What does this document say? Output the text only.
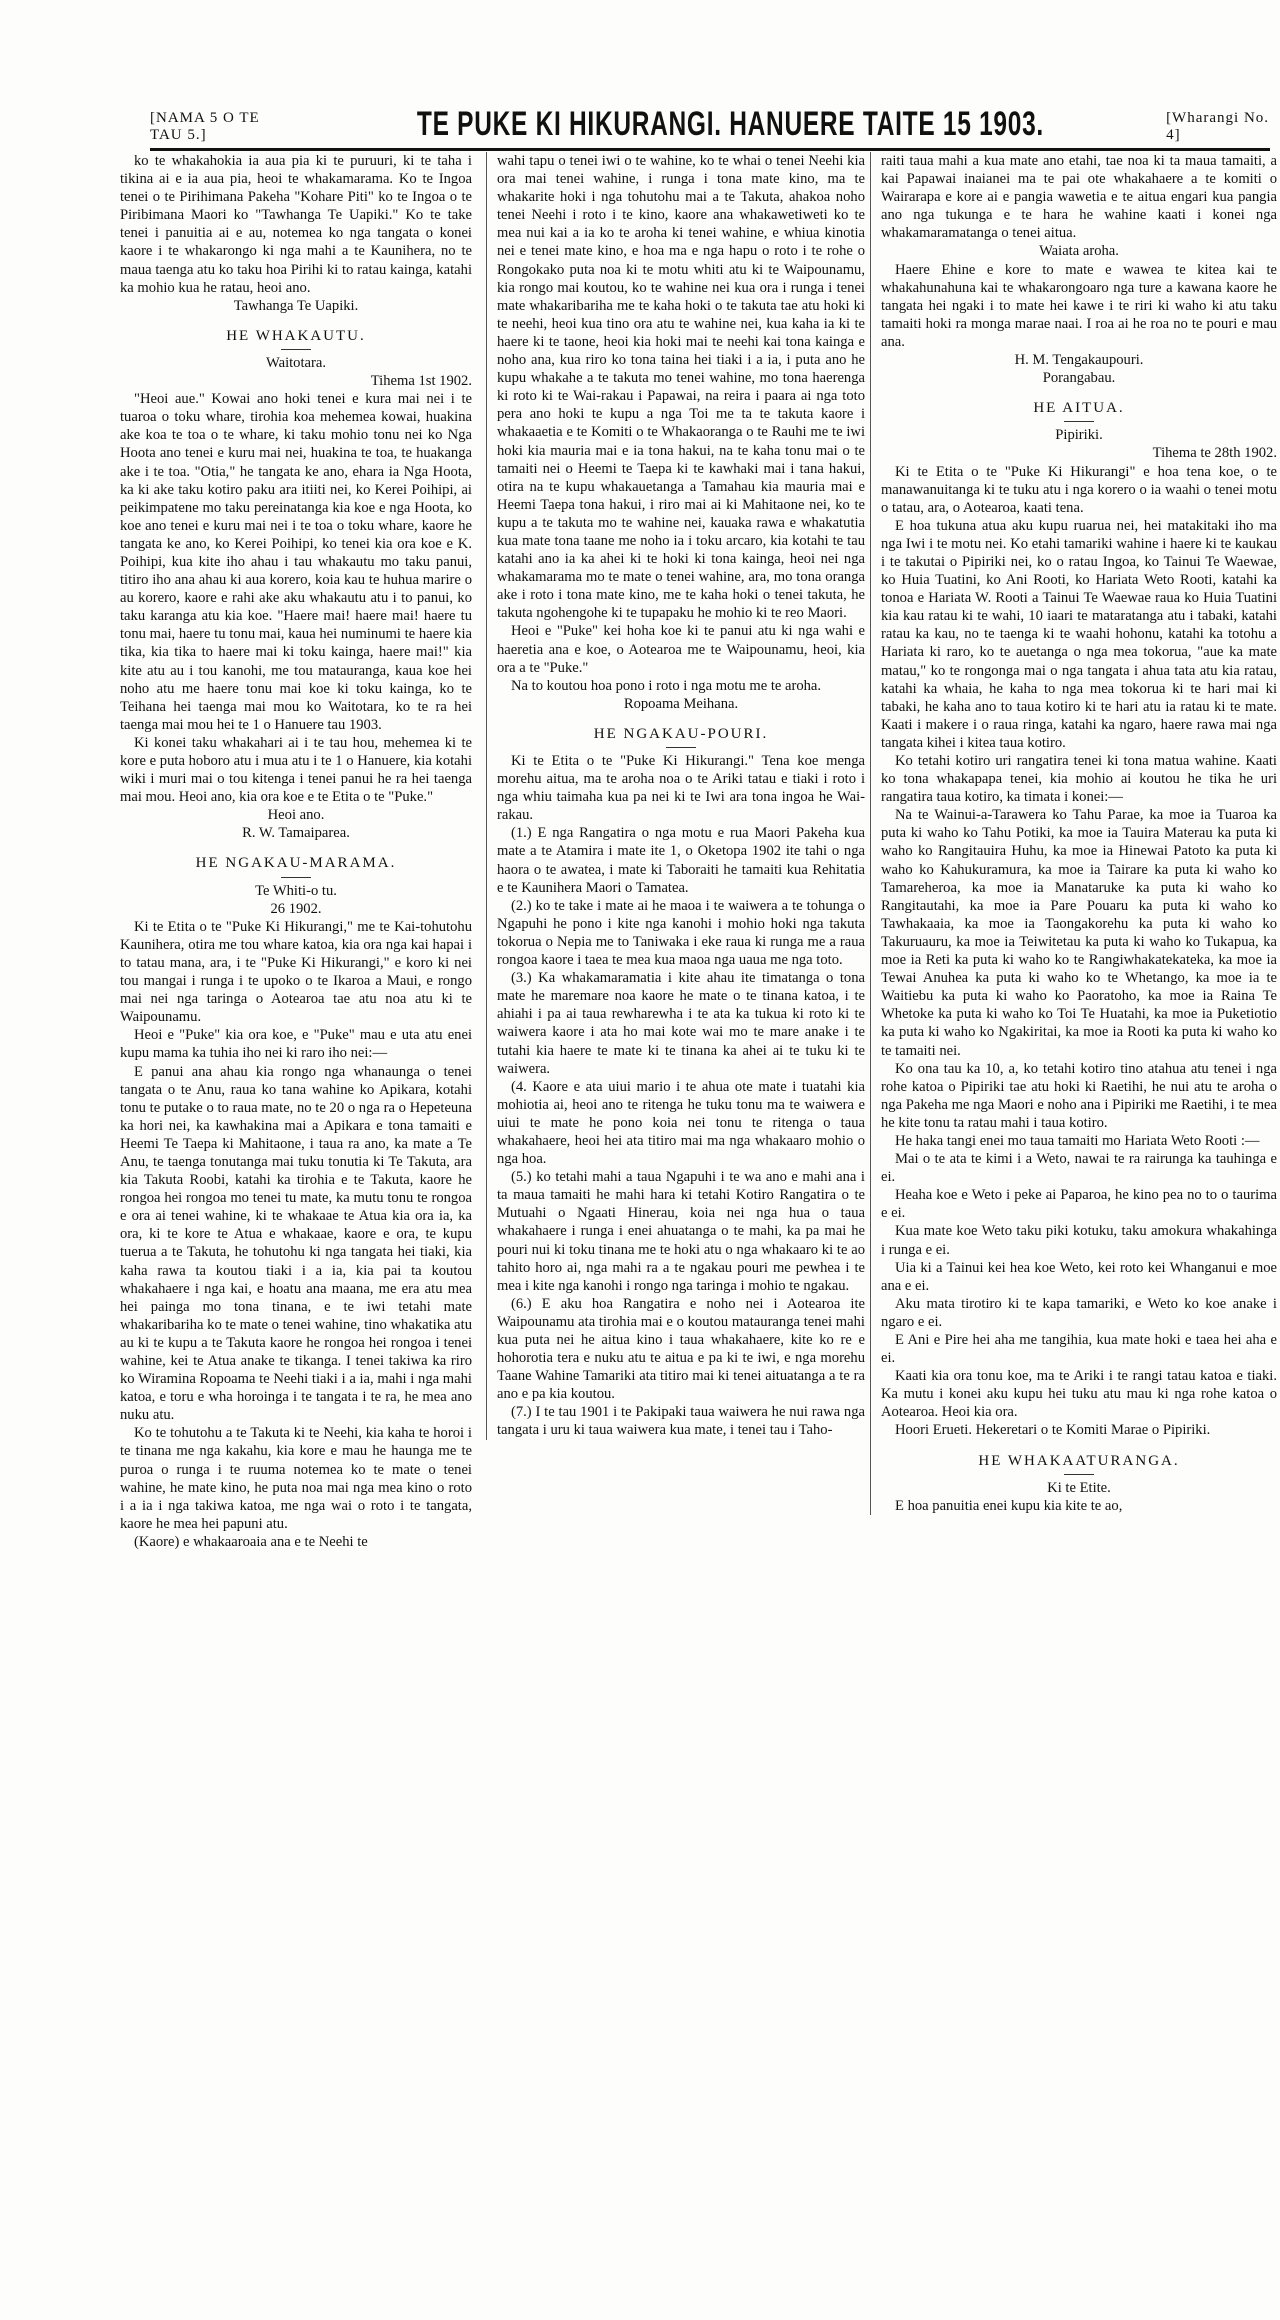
[NAMA 5 O TE TAU 5.]	TE PUKE KI HIKURANGI. HANUERE TAITE 15 1903.	[Wharangi No. 4]

ko te whakahokia ia aua pia ki te puruuri, ki te taha i tikina ai e ia aua pia, heoi te whakamarama. Ko te Ingoa tenei o te Pirihimana Pakeha "Kohare Piti" ko te Ingoa o te Piribimana Maori ko "Tawhanga Te Uapiki." Ko te take tenei i panuitia ai e au, notemea ko nga tangata o konei kaore i te whakarongo ki nga mahi a te Kaunihera, no te maua taenga atu ko taku hoa Pirihi ki to ratau kainga, katahi ka mohio kua he ratau, heoi ano.

Tawhanga Te Uapiki.

HE WHAKAUTU.

Waitotara.

Tihema 1st 1902.

"Heoi aue." Kowai ano hoki tenei e kura mai nei i te tuaroa o toku whare, tirohia koa mehemea kowai, huakina ake koa te toa o te whare, ki taku mohio tonu nei ko Nga Hoota ano tenei e kuru mai nei, huakina te toa, te huakanga ake i te toa. "Otia," he tangata ke ano, ehara ia Nga Hoota, ka ki ake taku kotiro paku ara itiiti nei, ko Kerei Poihipi, ai peikimpatene mo taku pereinatanga kia koe e nga Hoota, ko koe ano tenei e kuru mai nei i te toa o toku whare, kaore he tangata ke ano, ko Kerei Poihipi, ko tenei kia ora koe e K. Poihipi, kua kite iho ahau i tau whakautu mo taku panui, titiro iho ana ahau ki aua korero, koia kau te huhua marire o au korero, kaore e rahi ake aku whakautu atu i to panui, ko taku karanga atu kia koe. "Haere mai! haere mai! haere tu tonu mai, haere tu tonu mai, kaua hei numinumi te haere kia tika, kia tika to haere mai ki toku kainga, haere mai!" kia kite atu au i tou kanohi, me tou matauranga, kaua koe hei noho atu me haere tonu mai koe ki toku kainga, ko te Teihana hei taenga mai mou ko Waitotara, ko te ra hei taenga mai mou hei te 1 o Hanuere tau 1903.

Ki konei taku whakahari ai i te tau hou, mehemea ki te kore e puta hoboro atu i mua atu i te 1 o Hanuere, kia kotahi wiki i muri mai o tou kitenga i tenei panui he ra hei taenga mai mou. Heoi ano, kia ora koe e te Etita o te "Puke."

Heoi ano.

R. W. Tamaiparea.

HE NGAKAU-MARAMA.

Te Whiti-o tu.

26 1902.

Ki te Etita o te "Puke Ki Hikurangi," me te Kai-tohutohu Kaunihera, otira me tou whare katoa, kia ora nga kai hapai i to tatau mana, ara, i te "Puke Ki Hikurangi," e koro ki nei tou mangai i runga i te upoko o te Ikaroa a Maui, e rongo mai nei nga taringa o Aotearoa tae atu noa atu ki te Waipounamu.

Heoi e "Puke" kia ora koe, e "Puke" mau e uta atu enei kupu mama ka tuhia iho nei ki raro iho nei:—

E panui ana ahau kia rongo nga whanaunga o tenei tangata o te Anu, raua ko tana wahine ko Apikara, kotahi tonu te putake o to raua mate, no te 20 o nga ra o Hepeteuna ka hori nei, ka kawhakina mai a Apikara e tona tamaiti e Heemi Te Taepa ki Mahitaone, i taua ra ano, ka mate a Te Anu, te taenga tonutanga mai tuku tonutia ki Te Takuta, ara kia Takuta Roobi, katahi ka tirohia e te Takuta, kaore he rongoa hei rongoa mo tenei tu mate, ka mutu tonu te rongoa e ora ai tenei wahine, ki te whakaae te Atua kia ora ia, ka ora, ki te kore te Atua e whakaae, kaore e ora, te kupu tuerua a te Takuta, he tohutohu ki nga tangata hei tiaki, kia kaha rawa ta koutou tiaki i a ia, kia pai ta koutou whakahaere i nga kai, e hoatu ana maana, me era atu mea hei painga mo tona tinana, e te iwi tetahi mate whakaribariha ko te mate o tenei wahine, tino whakatika atu au ki te kupu a te Takuta kaore he rongoa hei rongoa i tenei wahine, kei te Atua anake te tikanga. I tenei takiwa ka riro ko Wiramina Ropoama te Neehi tiaki i a ia, mahi i nga mahi katoa, e toru e wha horoinga i te tangata i te ra, he mea ano nuku atu.

Ko te tohutohu a te Takuta ki te Neehi, kia kaha te horoi i te tinana me nga kakahu, kia kore e mau he haunga me te puroa o runga i te ruuma notemea ko te mate o tenei wahine, he mate kino, he puta noa mai nga mea kino o roto i a ia i nga takiwa katoa, me nga wai o roto i te tangata, kaore he mea hei papuni atu.

(Kaore) e whakaaroaia ana e te Neehi te

wahi tapu o tenei iwi o te wahine, ko te whai o tenei Neehi kia ora mai tenei wahine, i runga i tona mate kino, ma te whakarite hoki i nga tohutohu mai a te Takuta, ahakoa noho tenei Neehi i roto i te kino, kaore ana whakawetiweti ko te mea nui kai a ia ko te aroha ki tenei wahine, e whiua kinotia nei e tenei mate kino, e hoa ma e nga hapu o roto i te rohe o Rongokako puta noa ki te motu whiti atu ki te Waipounamu, kia rongo mai koutou, ko te wahine nei kua ora i runga i tenei mate whakaribariha me te kaha hoki o te takuta tae atu hoki ki te neehi, heoi kua tino ora atu te wahine nei, kua kaha ia ki te haere ki te taone, heoi kia hoki mai te neehi kai tona kainga e noho ana, kua riro ko tona taina hei tiaki i a ia, i puta ano he kupu whakahe a te takuta mo tenei wahine, mo tona haerenga ki roto ki te Wai-rakau i Papawai, na reira i paara ai nga toto pera ano hoki te kupu a nga Toi me ta te takuta kaore i whakaaetia e te Komiti o te Whakaoranga o te Rauhi me te iwi hoki kia mauria mai e ia tona hakui, na te kaha tonu mai o te tamaiti nei o Heemi te Taepa ki te kawhaki mai i tana hakui, otira na te kupu whakauetanga a Tamahau kia mauria mai e Heemi Taepa tona hakui, i riro mai ai ki Mahitaone nei, ko te kupu a te takuta mo te wahine nei, kauaka rawa e whakatutia kua mate tona taane me noho ia i toku arcaro, kia kotahi te tau katahi ano ia ka ahei ki te hoki ki tona kainga, heoi nei nga whakamarama mo te mate o tenei wahine, ara, mo tona oranga ake i roto i tona mate kino, me te kaha hoki o tenei takuta, he takuta ngohengohe ki te tupapaku he mohio ki te reo Maori.

Heoi e "Puke" kei hoha koe ki te panui atu ki nga wahi e haeretia ana e koe, o Aotearoa me te Waipounamu, heoi, kia ora a te "Puke."

Na to koutou hoa pono i roto i nga motu me te aroha.

Ropoama Meihana.

HE NGAKAU-POURI.

Ki te Etita o te "Puke Ki Hikurangi." Tena koe menga morehu aitua, ma te aroha noa o te Ariki tatau e tiaki i roto i nga whiu taimaha kua pa nei ki te Iwi ara tona ingoa he Wai-rakau.

(1.) E nga Rangatira o nga motu e rua Maori Pakeha kua mate a te Atamira i mate ite 1, o Oketopa 1902 ite tahi o nga haora o te awatea, i mate ki Taboraiti he tamaiti kua Rehitatia e te Kaunihera Maori o Tamatea.

(2.) ko te take i mate ai he maoa i te waiwera a te tohunga o Ngapuhi he pono i kite nga kanohi i mohio hoki nga takuta tokorua o Nepia me to Taniwaka i eke raua ki runga me a raua rongoa kaore i taea te mea kua maoa nga uaua me nga toto.

(3.) Ka whakamaramatia i kite ahau ite timatanga o tona mate he maremare noa kaore he mate o te tinana katoa, i te ahiahi i pa ai taua rewharewha i te ata ka tukua ki roto ki te waiwera kaore i ata ho mai kote wai mo te mare anake i te tutahi kia haere te mate ki te tinana ka ahei ai te tuku ki te waiwera.

(4. Kaore e ata uiui mario i te ahua ote mate i tuatahi kia mohiotia ai, heoi ano te ritenga he tuku tonu ma te waiwera e uiui te mate he pono koia nei tonu te ritenga o taua whakahaere, heoi hei ata titiro mai ma nga whakaaro mohio o nga hoa.

(5.) ko tetahi mahi a taua Ngapuhi i te wa ano e mahi ana i ta maua tamaiti he mahi hara ki tetahi Kotiro Rangatira o te Mutuahi o Ngaati Hinerau, koia nei nga hua o taua whakahaere i runga i enei ahuatanga o te mahi, ka pa mai he pouri nui ki toku tinana me te hoki atu o nga whakaaro ki te ao tahito horo ai, nga mahi ra a te ngakau pouri me pewhea i te mea i kite nga kanohi i rongo nga taringa i mohio te ngakau.

(6.) E aku hoa Rangatira e noho nei i Aotearoa ite Waipounamu ata tirohia mai e o koutou matauranga tenei mahi kua puta nei he aitua kino i taua whakahaere, kite ko re e hohorotia tera e nuku atu te aitua e pa ki te iwi, e nga morehu Taane Wahine Tamariki ata titiro mai ki tenei aituatanga a te ra ano e pa kia koutou.

(7.) I te tau 1901 i te Pakipaki taua waiwera he nui rawa nga tangata i uru ki taua waiwera kua mate, i tenei tau i Taho-

raiti taua mahi a kua mate ano etahi, tae noa ki ta maua tamaiti, a kai Papawai inaianei ma te pai ote whakahaere a te komiti o Wairarapa e kore ai e pangia wawetia e te aitua engari kua pangia ano nga tukunga e te hara he wahine kaati i konei nga whakamaramatanga o tenei aitua.

Waiata aroha.

Haere Ehine e kore to mate e wawea te kitea kai te whakahunahuna kai te whakarongoaro nga ture a kawana kaore he tangata hei ngaki i to mate hei kawe i te riri ki waho ki atu taku tamaiti hoki ra monga marae naai. I roa ai he roa no te pouri e mau ana.

H. M. Tengakaupouri.

Porangabau.

HE AITUA.

Pipiriki.

Tihema te 28th 1902.

Ki te Etita o te "Puke Ki Hikurangi" e hoa tena koe, o te manawanuitanga ki te tuku atu i nga korero o ia waahi o tenei motu o tatau, ara, o Aotearoa, kaati tena.

E hoa tukuna atua aku kupu ruarua nei, hei matakitaki iho ma nga Iwi i te motu nei. Ko etahi tamariki wahine i haere ki te kaukau i te takutai o Pipiriki nei, ko o ratau Ingoa, ko Tainui Te Waewae, ko Huia Tuatini, ko Ani Rooti, ko Hariata Weto Rooti, katahi ka tonoa e Hariata W. Rooti a Tainui Te Waewae raua ko Huia Tuatini kia kau ratau ki te wahi, 10 iaari te mataratanga atu i tabaki, katahi ratau ka kau, no te taenga ki te waahi hohonu, katahi ka totohu a Hariata ki raro, ko te auetanga o nga mea tokorua, "aue ka mate matau," ko te rongonga mai o nga tangata i ahua tata atu kia ratau, katahi ka whaia, he kaha to nga mea tokorua ki te hari mai ki tabaki, he kaha ano to taua kotiro ki te hari atu ia ratau ki te mate. Kaati i makere i o raua ringa, katahi ka ngaro, haere rawa mai nga tangata kihei i kitea taua kotiro.

Ko tetahi kotiro uri rangatira tenei ki tona matua wahine. Kaati ko tona whakapapa tenei, kia mohio ai koutou he tika he uri rangatira taua kotiro, ka timata i konei:—

Na te Wainui-a-Tarawera ko Tahu Parae, ka moe ia Tuaroa ka puta ki waho ko Tahu Potiki, ka moe ia Tauira Materau ka puta ki waho ko Rangitauira Huhu, ka moe ia Hinewai Patoto ka puta ki waho ko Kahukuramura, ka moe ia Tairare ka puta ki waho ko Tamareheroa, ka moe ia Manataruke ka puta ki waho ko Rangitautahi, ka moe ia Pare Pouaru ka puta ki waho ko Tawhakaaia, ka moe ia Taongakorehu ka puta ki waho ko Takuruauru, ka moe ia Teiwitetau ka puta ki waho ko Tukapua, ka moe ia Reti ka puta ki waho ko te Rangiwhakatekateka, ka moe ia Tewai Anuhea ka puta ki waho ko te Whetango, ka moe ia te Waitiebu ka puta ki waho ko Paoratoho, ka moe ia Raina Te Whetoke ka puta ki waho ko Toi Te Huatahi, ka moe ia Puketiotio ka puta ki waho ko Ngakiritai, ka moe ia Rooti ka puta ki waho ko te tamaiti nei.

Ko ona tau ka 10, a, ko tetahi kotiro tino atahua atu tenei i nga rohe katoa o Pipiriki tae atu hoki ki Raetihi, he nui atu te aroha o nga Pakeha me nga Maori e noho ana i Pipiriki me Raetihi, i te mea he kite tonu ta ratau mahi i taua kotiro.

He haka tangi enei mo taua tamaiti mo Hariata Weto Rooti :—

Mai o te ata te kimi i a Weto, nawai te ra rairunga ka tauhinga e ei.

Heaha koe e Weto i peke ai Paparoa, he kino pea no to o taurima e ei.

Kua mate koe Weto taku piki kotuku, taku amokura whakahinga i runga e ei.

Uia ki a Tainui kei hea koe Weto, kei roto kei Whanganui e moe ana e ei.

Aku mata tirotiro ki te kapa tamariki, e Weto ko koe anake i ngaro e ei.

E Ani e Pire hei aha me tangihia, kua mate hoki e taea hei aha e ei.

Kaati kia ora tonu koe, ma te Ariki i te rangi tatau katoa e tiaki. Ka mutu i konei aku kupu hei tuku atu mau ki nga rohe katoa o Aotearoa. Heoi kia ora.

Hoori Erueti. Hekeretari o te Komiti Marae o Pipiriki.

HE WHAKAATURANGA.

Ki te Etite.

E hoa panuitia enei kupu kia kite te ao,
